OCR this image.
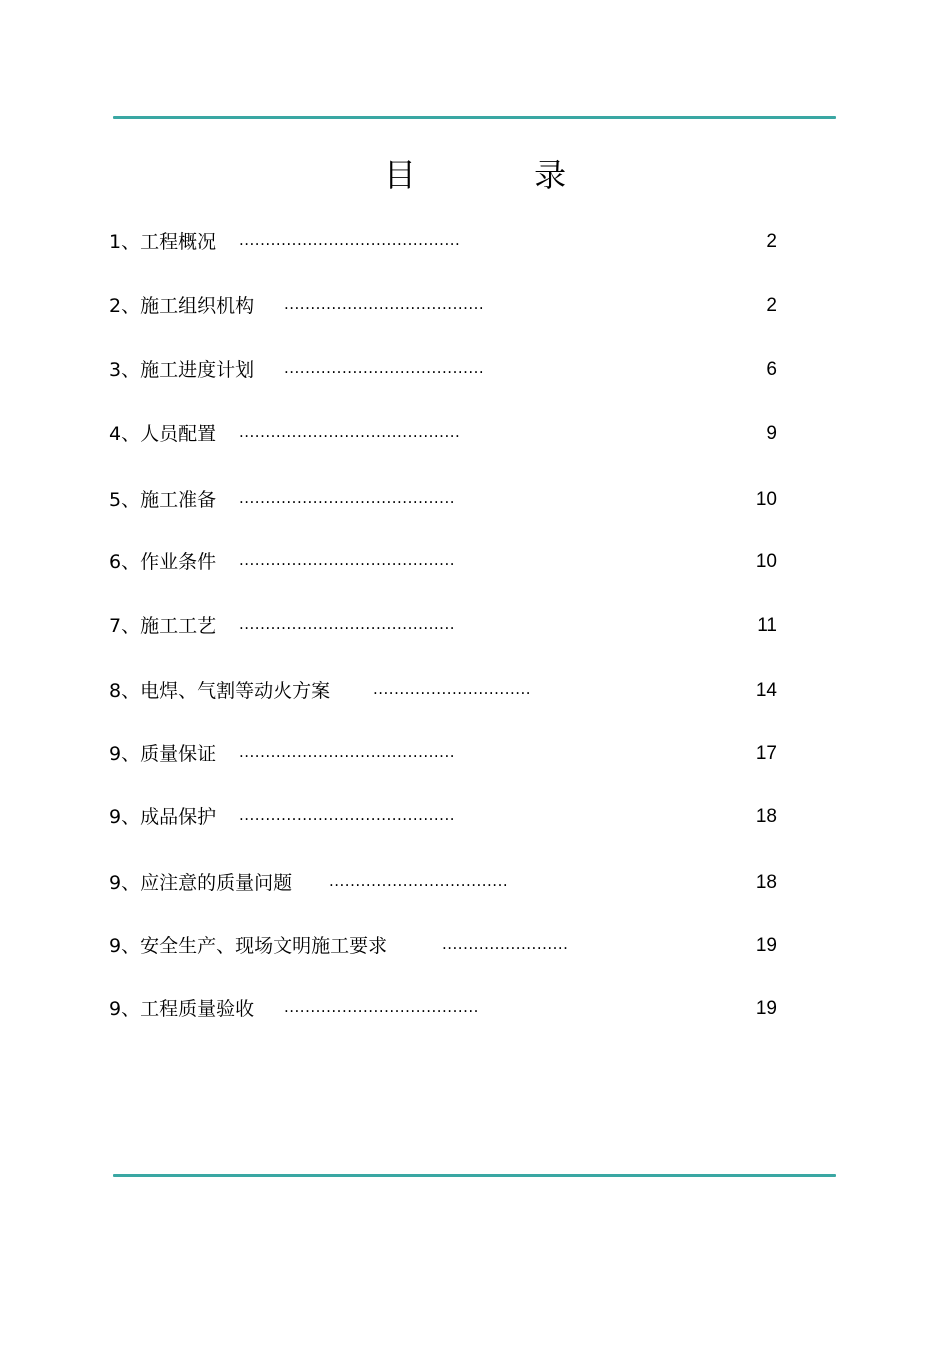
目 录
1、工程概况 ..........................................	2
2、施工组织机构 ......................................	2
3、施工进度计划 ......................................	6
4、人员配置 ..........................................	9
5、施工准备 .........................................	10
6、作业条件 .........................................	10
7、施工工艺 .........................................	11
8、电焊、气割等动火方案	..............................	14
9、质量保证 .........................................	17
9、成品保护 .........................................	18
9、应注意的质量问题 ..................................	18
9、安全生产、现场文明施工要求	........................	19
9、工程质量验收 .....................................	19
